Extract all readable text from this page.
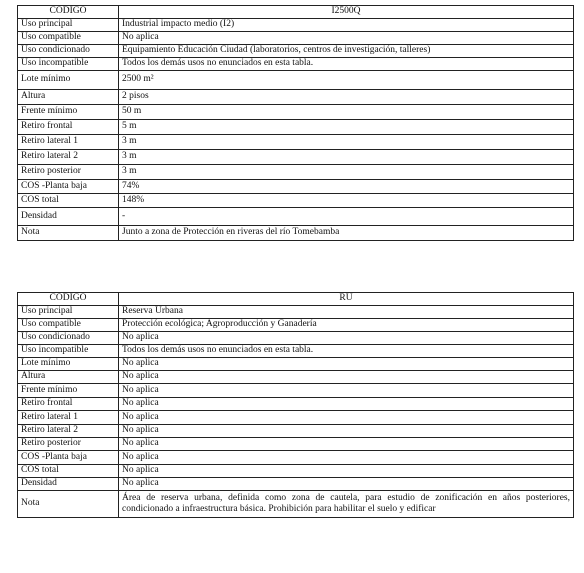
CÓDIGO	I2500Q
Uso principal	Industrial impacto medio (I2)
Uso compatible	No aplica
Uso condicionado	Equipamiento Educación Ciudad (laboratorios, centros de investigación, talleres)
Uso incompatible	Todos los demás usos no enunciados en esta tabla.
Lote mínimo	2500 m²
Altura	2 pisos
Frente mínimo	50 m
Retiro frontal	5 m
Retiro lateral 1	3 m
Retiro lateral 2	3 m
Retiro posterior	3 m
COS -Planta baja	74%
COS total	148%
Densidad	-
Nota	Junto a zona de Protección en riveras del río Tomebamba
CÓDIGO	RU
Uso principal	Reserva Urbana
Uso compatible	Protección ecológica; Agroproducción y Ganadería
Uso condicionado	No aplica
Uso incompatible	Todos los demás usos no enunciados en esta tabla.
Lote mínimo	No aplica
Altura	No aplica
Frente mínimo	No aplica
Retiro frontal	No aplica
Retiro lateral 1	No aplica
Retiro lateral 2	No aplica
Retiro posterior	No aplica
COS -Planta baja	No aplica
COS total	No aplica
Densidad	No aplica
Nota	Área de reserva urbana, definida como zona de cautela, para estudio de zonificación en años posteriores, condicionado a infraestructura básica. Prohibición para habilitar el suelo y edificar
